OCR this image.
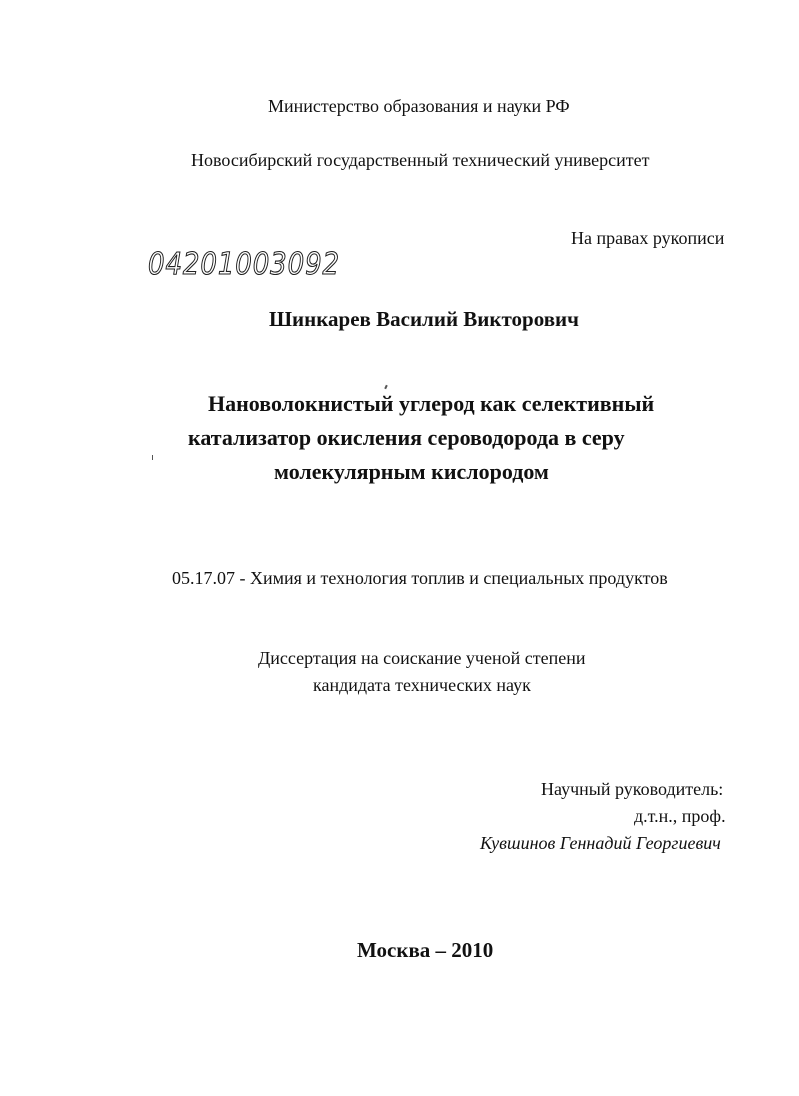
Министерство образования и науки РФ
Новосибирский государственный технический университет
На правах рукописи
04201003092
Шинкарев Василий Викторович
Нановолокнистый углерод как селективный
катализатор окисления сероводорода в серу
молекулярным кислородом
05.17.07 - Химия и технология топлив и специальных продуктов
Диссертация на соискание ученой степени
кандидата технических наук
Научный руководитель:
д.т.н., проф.
Кувшинов Геннадий Георгиевич
Москва – 2010
